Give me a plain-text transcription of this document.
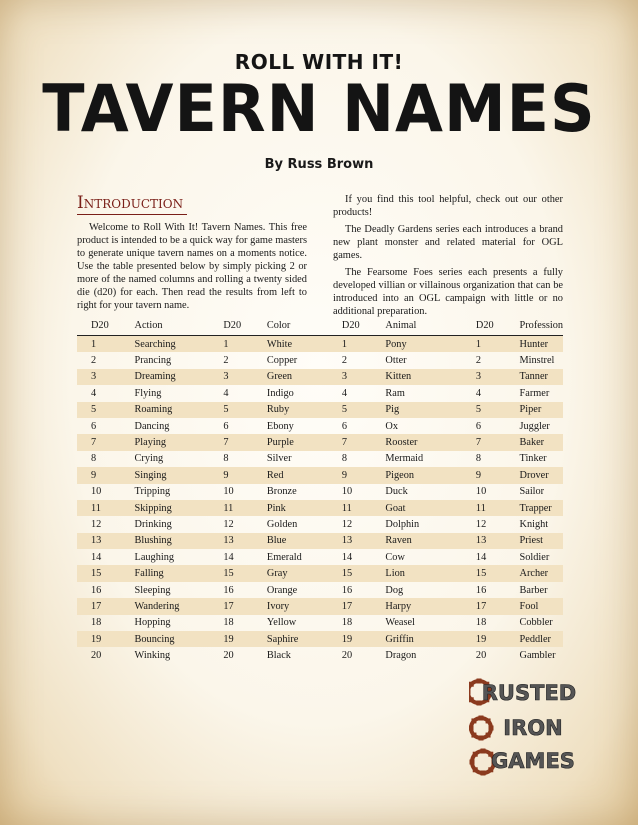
ROLL WITH IT!
TAVERN NAMES
By Russ Brown
Introduction

Welcome to Roll With It! Tavern Names. This free product is intended to be a quick way for game masters to generate unique tavern names on a moments notice. Use the table presented below by simply picking 2 or more of the named columns and rolling a twenty sided die (d20) for each. Then read the results from left to right for your tavern name.

If you find this tool helpful, check out our other products!

The Deadly Gardens series each introduces a brand new plant monster and related material for OGL games.

The Fearsome Foes series each presents a fully developed villian or villainous organization that can be introduced into an OGL campaign with little or no additional preparation.

D20	Action	D20	Color	D20	Animal	D20	Profession
1	Searching	1	White	1	Pony	1	Hunter
2	Prancing	2	Copper	2	Otter	2	Minstrel
3	Dreaming	3	Green	3	Kitten	3	Tanner
4	Flying	4	Indigo	4	Ram	4	Farmer
5	Roaming	5	Ruby	5	Pig	5	Piper
6	Dancing	6	Ebony	6	Ox	6	Juggler
7	Playing	7	Purple	7	Rooster	7	Baker
8	Crying	8	Silver	8	Mermaid	8	Tinker
9	Singing	9	Red	9	Pigeon	9	Drover
10	Tripping	10	Bronze	10	Duck	10	Sailor
11	Skipping	11	Pink	11	Goat	11	Trapper
12	Drinking	12	Golden	12	Dolphin	12	Knight
13	Blushing	13	Blue	13	Raven	13	Priest
14	Laughing	14	Emerald	14	Cow	14	Soldier
15	Falling	15	Gray	15	Lion	15	Archer
16	Sleeping	16	Orange	16	Dog	16	Barber
17	Wandering	17	Ivory	17	Harpy	17	Fool
18	Hopping	18	Yellow	18	Weasel	18	Cobbler
19	Bouncing	19	Saphire	19	Griffin	19	Peddler
20	Winking	20	Black	20	Dragon	20	Gambler
RUSTED
IRON
GAMES
